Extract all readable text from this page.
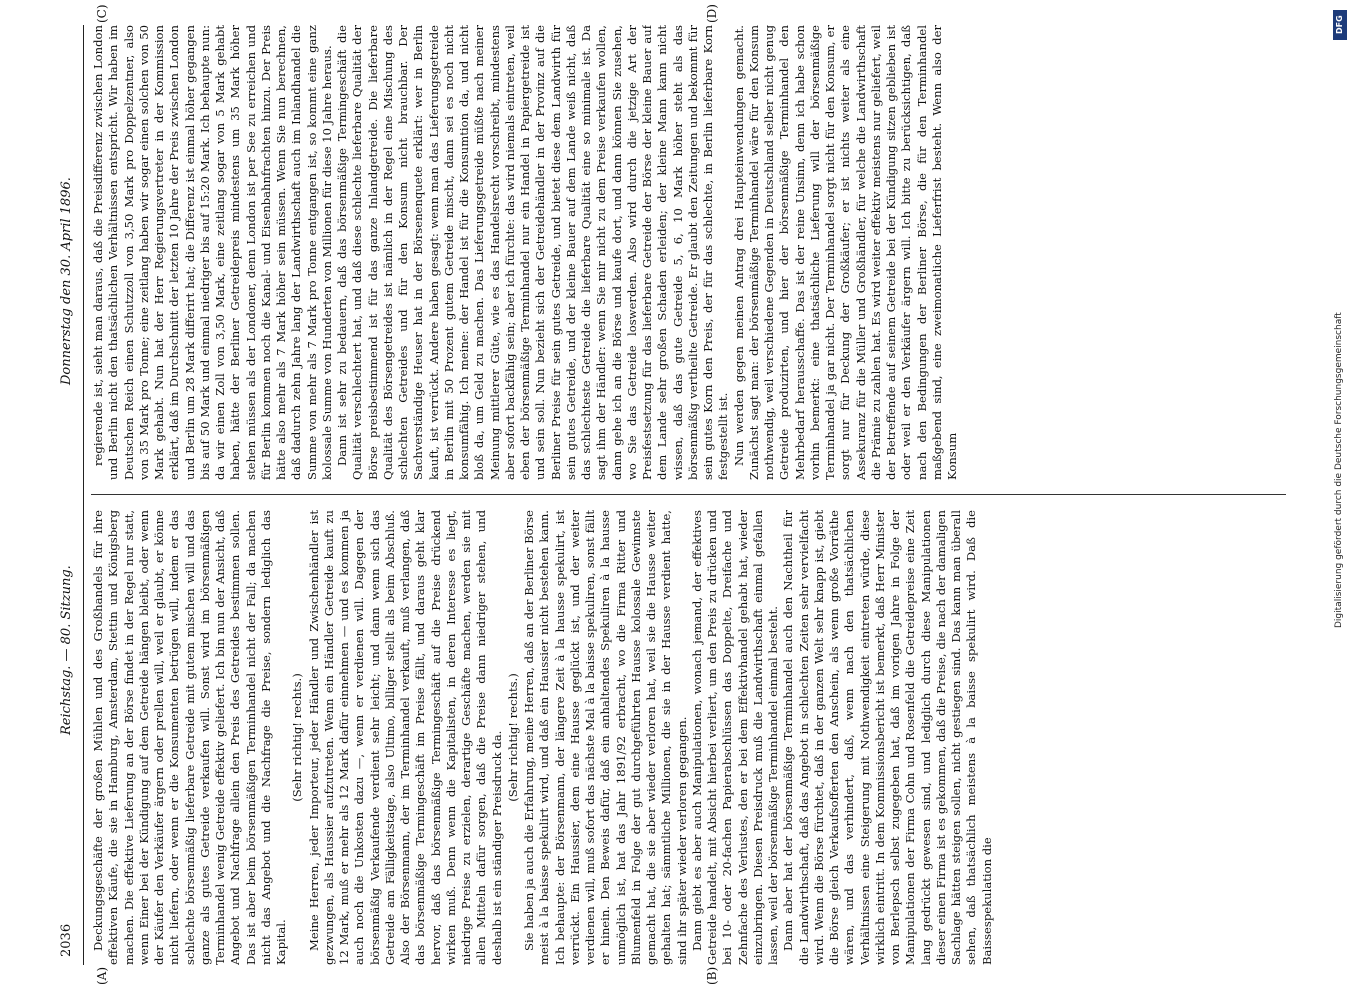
2036
Reichstag. — 80. Sitzung.
Donnerstag den 30. April 1896.
(A)	(B)
(C)	(D)

Deckungsgeschäfte der großen Mühlen und des Großhandels für ihre effektiven Käufe, die sie in Hamburg, Amsterdam, Stettin und Königsberg machen. Die effektive Lieferung an der Börse findet in der Regel nur statt, wenn Einer bei der Kündigung auf dem Getreide hängen bleibt, oder wenn der Käufer den Verkäufer ärgern oder prellen will, weil er glaubt, er könne nicht liefern, oder wenn er die Konsumenten betrügen will, indem er das schlechte börsenmäßig lieferbare Getreide mit gutem mischen will und das ganze als gutes Getreide verkaufen will. Sonst wird im börsenmäßigen Terminhandel wenig Getreide effektiv geliefert. Ich bin nun der Ansicht, daß Angebot und Nachfrage allein den Preis des Getreides bestimmen sollen. Das ist aber beim börsenmäßigen Terminhandel nicht der Fall; da machen nicht das Angebot und die Nachfrage die Preise, sondern lediglich das Kapital.

(Sehr richtig! rechts.) Meine Herren, jeder Importeur, jeder Händler und Zwischenhändler ist gezwungen, als Haussier aufzutreten. Wenn ein Händler Getreide kauft zu 12 Mark, muß er mehr als 12 Mark dafür einnehmen — und es kommen ja auch noch die Unkosten dazu —, wenn er verdienen will. Dagegen der börsenmäßig Verkaufende verdient sehr leicht; und dann wenn sich das Getreide am Fälligkeitstage, also Ultimo, billiger stellt als beim Abschluß. Also der Börsenmann, der im Terminhandel verkauft, muß verlangen, daß das börsenmäßige Termingeschäft im Preise fällt, und daraus geht klar hervor, daß das börsenmäßige Termingeschäft auf die Preise drückend wirken muß. Denn wenn die Kapitalisten, in deren Interesse es liegt, niedrige Preise zu erzielen, derartige Geschäfte machen, werden sie mit allen Mitteln dafür sorgen, daß die Preise dann niedriger stehen, und deshalb ist ein ständiger Preisdruck da. (Sehr richtig! rechts.) Sie haben ja auch die Erfahrung, meine Herren, daß an der Berliner Börse meist à la baisse spekulirt wird, und daß ein Haussier nicht bestehen kann. Ich behaupte: der Börsenmann, der längere Zeit à la hausse spekulirt, ist verrückt. Ein Haussier, dem eine Hausse geglückt ist, und der weiter verdienen will, muß sofort das nächste Mal à la baisse spekuliren, sonst fällt er hinein. Den Beweis dafür, daß ein anhaltendes Spekuliren à la hausse unmöglich ist, hat das Jahr 1891/92 erbracht, wo die Firma Ritter und Blumenfeld in Folge der gut durchgeführten Hausse kolossale Gewinnste gemacht hat, die sie aber wieder verloren hat, weil sie die Hausse weiter gehalten hat; sämmtliche Millionen, die sie in der Hausse verdient hatte, sind ihr später wieder verloren gegangen. Dann giebt es aber auch Manipulationen, wonach jemand, der effektives Getreide handelt, mit Absicht hierbei verliert, um den Preis zu drücken und bei 10- oder 20-fachen Papierabschlüssen das Doppelte, Dreifache und Zehnfache des Verlustes, den er bei dem Effektivhandel gehabt hat, wieder einzubringen. Diesen Preisdruck muß die Landwirthschaft einmal gefallen lassen, weil der börsenmäßige Terminhandel einmal besteht. Dann aber hat der börsenmäßige Terminhandel auch den Nachtheil für die Landwirthschaft, daß das Angebot in schlechten Zeiten sehr vervielfacht wird. Wenn die Börse fürchtet, daß in der ganzen Welt sehr knapp ist, giebt die Börse gleich Verkaufsofferten den Anschein, als wenn große Vorräthe wären, und das verhindert, daß, wenn nach den thatsächlichen Verhältnissen eine Steigerung mit Nothwendigkeit eintreten würde, diese wirklich eintritt. In dem Kommissionsbericht ist bemerkt, daß Herr Minister von Berlepsch selbst zugegeben hat, daß im vorigen Jahre in Folge der Manipulationen der Firma Cohn und Rosenfeld die Getreidepreise eine Zeit lang gedrückt gewesen sind, und lediglich durch diese Manipulationen dieser einen Firma ist es gekommen, daß die Preise, die nach der damaligen Sachlage hätten steigen sollen, nicht gestiegen sind. Das kann man überall sehen, daß thatsächlich meistens à la baisse spekulirt wird. Daß die Baissespekulation die

regierende ist, sieht man daraus, daß die Preisdifferenz zwischen London und Berlin nicht den thatsächlichen Verhältnissen entspricht. Wir haben im Deutschen Reich einen Schutzzoll von 3,50 Mark pro Doppelzentner, also von 35 Mark pro Tonne; eine zeitlang haben wir sogar einen solchen von 50 Mark gehabt. Nun hat der Herr Regierungsvertreter in der Kommission erklärt, daß im Durchschnitt der letzten 10 Jahre der Preis zwischen London und Berlin um 28 Mark differirt hat; die Differenz ist einmal höher gegangen bis auf 50 Mark und einmal niedriger bis auf 15:20 Mark. Ich behaupte nun: da wir einen Zoll von 3,50 Mark, eine zeitlang sogar von 5 Mark gehabt haben, hätte der Berliner Getreidepreis mindestens um 35 Mark höher stehen müssen als der Londoner, denn London ist per See zu erreichen und für Berlin kommen noch die Kanal- und Eisenbahnfrachten hinzu. Der Preis hätte also mehr als 7 Mark höher sein müssen. Wenn Sie nun berechnen, daß dadurch zehn Jahre lang der Landwirthschaft auch im Inlandhandel die Summe von mehr als 7 Mark pro Tonne entgangen ist, so kommt eine ganz kolossale Summe von Hunderten von Millionen für diese 10 Jahre heraus. Dann ist sehr zu bedauern, daß das börsenmäßige Termingeschäft die Qualität verschlechtert hat, und daß diese schlechte lieferbare Qualität der Börse preisbestimmend ist für das ganze Inlandgetreide. Die lieferbare Qualität des Börsengetreides ist nämlich in der Regel eine Mischung des schlechten Getreides und für den Konsum nicht brauchbar. Der Sachverständige Heuser hat in der Börsenenquete erklärt: wer in Berlin kauft, ist verrückt. Andere haben gesagt: wenn man das Lieferungsgetreide in Berlin mit 50 Prozent gutem Getreide mischt, dann sei es noch nicht konsumfähig. Ich meine: der Handel ist für die Konsumtion da, und nicht bloß da, um Geld zu machen. Das Lieferungsgetreide müßte nach meiner Meinung mittlerer Güte, wie es das Handelsrecht vorschreibt, mindestens aber sofort backfähig sein; aber ich fürchte: das wird niemals eintreten, weil eben der börsenmäßige Terminhandel nur ein Handel in Papiergetreide ist und sein soll. Nun bezieht sich der Getreidehändler in der Provinz auf die Berliner Preise für sein gutes Getreide, und bietet diese dem Landwirth für sein gutes Getreide, und der kleine Bauer auf dem Lande weiß nicht, daß das schlechteste Getreide die lieferbare Qualität eine so minimale ist. Da sagt ihm der Händler: wenn Sie mir nicht zu dem Preise verkaufen wollen, dann gehe ich an die Börse und kaufe dort, und dann können Sie zusehen, wo Sie das Getreide loswerden. Also wird durch die jetzige Art der Preisfestsetzung für das lieferbare Getreide der Börse der kleine Bauer auf dem Lande sehr großen Schaden erleiden; der kleine Mann kann nicht wissen, daß das gute Getreide 5, 6, 10 Mark höher steht als das börsenmäßig vertheilte Getreide. Er glaubt den Zeitungen und bekommt für sein gutes Korn den Preis, der für das schlechte, in Berlin lieferbare Korn festgestellt ist. Nun werden gegen meinen Antrag drei Haupteinwendungen gemacht. Zunächst sagt man: der börsenmäßige Terminhandel wäre für den Konsum nothwendig, weil verschiedene Gegenden in Deutschland selber nicht genug Getreide produzirten, und hier der börsenmäßige Terminhandel den Mehrbedarf herausschaffe. Das ist der reine Unsinn, denn ich habe schon vorhin bemerkt: eine thatsächliche Lieferung will der börsenmäßige Terminhandel ja gar nicht. Der Terminhandel sorgt nicht für den Konsum, er sorgt nur für Deckung der Großkäufer; er ist nichts weiter als eine Assekuranz für die Müller und Großhändler, für welche die Landwirthschaft die Prämie zu zahlen hat. Es wird weiter effektiv meistens nur geliefert, weil der Betreffende auf seinem Getreide bei der Kündigung sitzen geblieben ist oder weil er den Verkäufer ärgern will. Ich bitte zu berücksichtigen, daß nach den Bedingungen der Berliner Börse, die für den Terminhandel maßgebend sind, eine zweimonatliche Lieferfrist besteht. Wenn also der Konsum	Digitalisierung gefördert durch die Deutsche Forschungsgemeinschaft
DFG
